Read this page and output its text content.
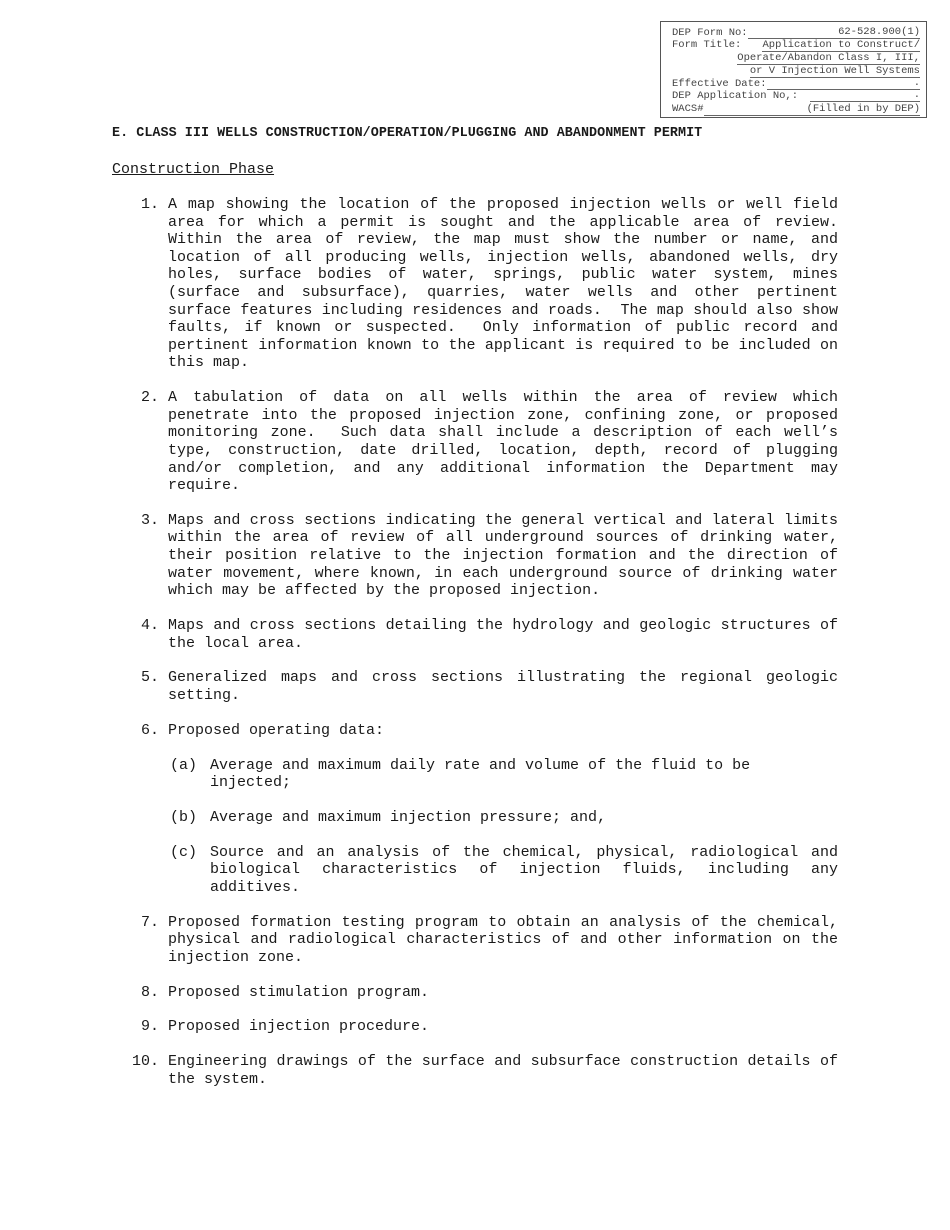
DEP Form No:	62-528.900(1)
Form Title:	Application to Construct/
Operate/Abandon Class I, III,
or V Injection Well Systems
Effective Date:	.
DEP Application No,:	.
WACS#	(Filled in by DEP)
E. CLASS III WELLS CONSTRUCTION/OPERATION/PLUGGING AND ABANDONMENT PERMIT
Construction Phase
1. A map showing the location of the proposed injection wells or well field area for which a permit is sought and the applicable area of review. Within the area of review, the map must show the number or name, and location of all producing wells, injection wells, abandoned wells, dry holes, surface bodies of water, springs, public water system, mines (surface and subsurface), quarries, water wells and other pertinent surface features including residences and roads.  The map should also show faults, if known or suspected.  Only information of public record and pertinent information known to the applicant is required to be included on this map.
2. A tabulation of data on all wells within the area of review which penetrate into the proposed injection zone, confining zone, or proposed monitoring zone.  Such data shall include a description of each well’s type, construction, date drilled, location, depth, record of plugging and/or completion, and any additional information the Department may require.
3. Maps and cross sections indicating the general vertical and lateral limits within the area of review of all underground sources of drinking water, their position relative to the injection formation and the direction of water movement, where known, in each underground source of drinking water which may be affected by the proposed injection.
4. Maps and cross sections detailing the hydrology and geologic structures of the local area.
5. Generalized maps and cross sections illustrating the regional geologic setting.
6. Proposed operating data:
(a) Average and maximum daily rate and volume of the fluid to be injected;
(b) Average and maximum injection pressure; and,
(c) Source and an analysis of the chemical, physical, radiological and biological characteristics of injection fluids, including any additives.
7. Proposed formation testing program to obtain an analysis of the chemical, physical and radiological characteristics of and other information on the injection zone.
8. Proposed stimulation program.
9. Proposed injection procedure.
10. Engineering drawings of the surface and subsurface construction details of the system.
